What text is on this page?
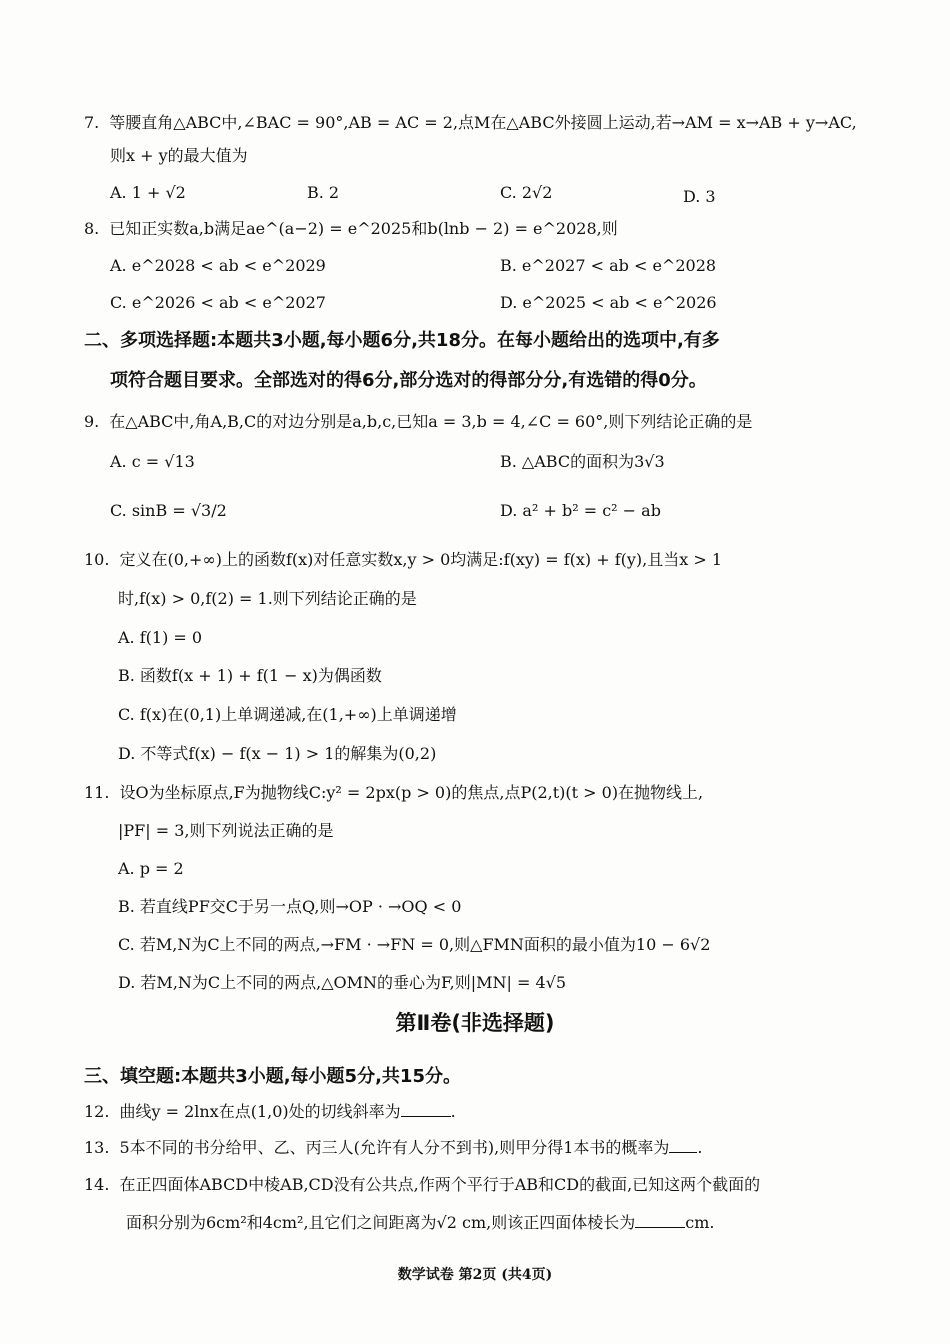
7. 等腰直角△ABC中,∠BAC = 90°,AB = AC = 2,点M在△ABC外接圆上运动,若→AM = x→AB + y→AC,
则x + y的最大值为
A. 1 + √2	B. 2	C. 2√2	D. 3
8. 已知正实数a,b满足ae^(a−2) = e^2025和b(lnb − 2) = e^2028,则
A. e^2028 < ab < e^2029	B. e^2027 < ab < e^2028
C. e^2026 < ab < e^2027	D. e^2025 < ab < e^2026
二、多项选择题:本题共3小题,每小题6分,共18分。在每小题给出的选项中,有多
项符合题目要求。全部选对的得6分,部分选对的得部分分,有选错的得0分。
9. 在△ABC中,角A,B,C的对边分别是a,b,c,已知a = 3,b = 4,∠C = 60°,则下列结论正确的是
A. c = √13	B. △ABC的面积为3√3
C. sinB = √3/2	D. a² + b² = c² − ab
10. 定义在(0,+∞)上的函数f(x)对任意实数x,y > 0均满足:f(xy) = f(x) + f(y),且当x > 1
时,f(x) > 0,f(2) = 1.则下列结论正确的是
A. f(1) = 0
B. 函数f(x + 1) + f(1 − x)为偶函数
C. f(x)在(0,1)上单调递减,在(1,+∞)上单调递增
D. 不等式f(x) − f(x − 1) > 1的解集为(0,2)
11. 设O为坐标原点,F为抛物线C:y² = 2px(p > 0)的焦点,点P(2,t)(t > 0)在抛物线上,
|PF| = 3,则下列说法正确的是
A. p = 2
B. 若直线PF交C于另一点Q,则→OP · →OQ < 0
C. 若M,N为C上不同的两点,→FM · →FN = 0,则△FMN面积的最小值为10 − 6√2
D. 若M,N为C上不同的两点,△OMN的垂心为F,则|MN| = 4√5
第Ⅱ卷(非选择题)
三、填空题:本题共3小题,每小题5分,共15分。
12. 曲线y = 2lnx在点(1,0)处的切线斜率为	.
13. 5本不同的书分给甲、乙、丙三人(允许有人分不到书),则甲分得1本书的概率为 .
14. 在正四面体ABCD中棱AB,CD没有公共点,作两个平行于AB和CD的截面,已知这两个截面的
面积分别为6cm²和4cm²,且它们之间距离为√2 cm,则该正四面体棱长为	cm.
数学试卷 第2页 (共4页)
